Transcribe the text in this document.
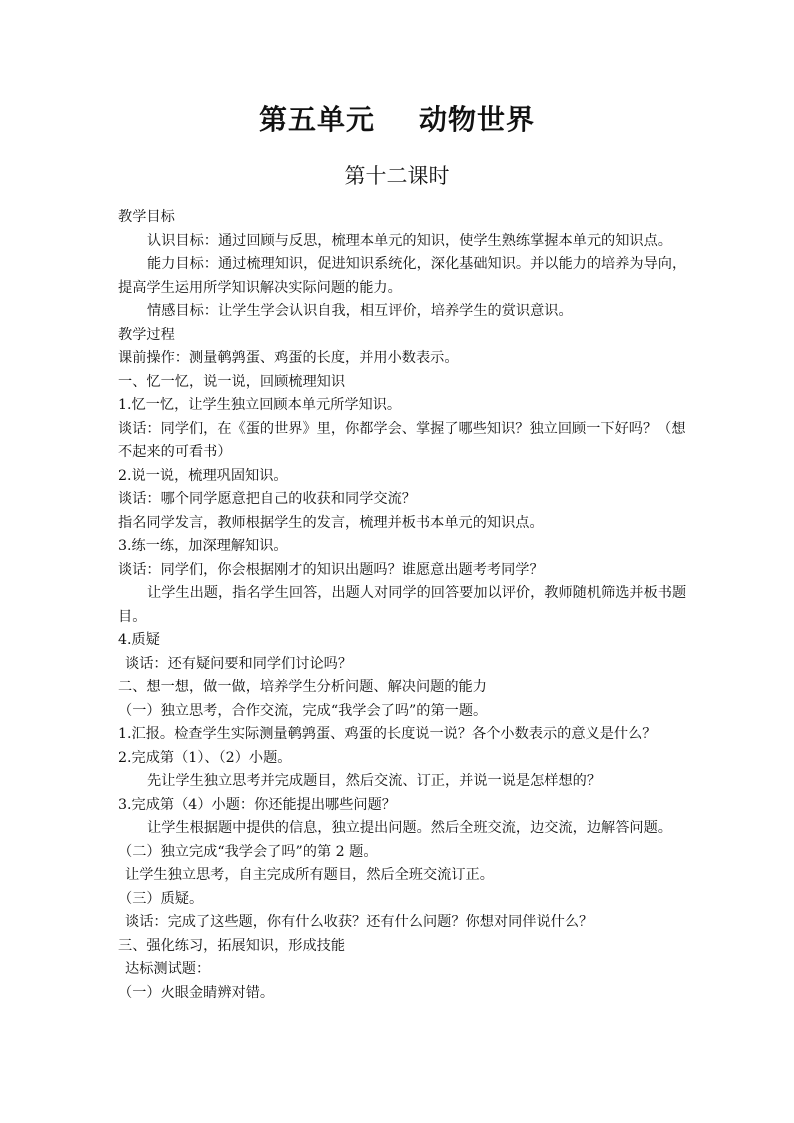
第五单元 动物世界
第十二课时
教学目标
认识目标：通过回顾与反思，梳理本单元的知识，使学生熟练掌握本单元的知识点。
能力目标：通过梳理知识，促进知识系统化，深化基础知识。并以能力的培养为导向，
提高学生运用所学知识解决实际问题的能力。
情感目标：让学生学会认识自我，相互评价，培养学生的赏识意识。
教学过程
课前操作：测量鹌鹑蛋、鸡蛋的长度，并用小数表示。
一、忆一忆，说一说，回顾梳理知识
1.忆一忆，让学生独立回顾本单元所学知识。
谈话：同学们，在《蛋的世界》里，你都学会、掌握了哪些知识？独立回顾一下好吗？（想
不起来的可看书）
2.说一说，梳理巩固知识。
谈话：哪个同学愿意把自己的收获和同学交流？
指名同学发言，教师根据学生的发言，梳理并板书本单元的知识点。
3.练一练，加深理解知识。
谈话：同学们，你会根据刚才的知识出题吗？谁愿意出题考考同学？
让学生出题，指名学生回答，出题人对同学的回答要加以评价，教师随机筛选并板书题
目。
4.质疑
谈话：还有疑问要和同学们讨论吗？
二、想一想，做一做，培养学生分析问题、解决问题的能力
（一）独立思考，合作交流，完成“我学会了吗”的第一题。
1.汇报。检查学生实际测量鹌鹑蛋、鸡蛋的长度说一说？各个小数表示的意义是什么？
2.完成第（1）、（2）小题。
先让学生独立思考并完成题目，然后交流、订正，并说一说是怎样想的？
3.完成第（4）小题：你还能提出哪些问题？
让学生根据题中提供的信息，独立提出问题。然后全班交流，边交流，边解答问题。
（二）独立完成“我学会了吗”的第 2 题。
让学生独立思考，自主完成所有题目，然后全班交流订正。
（三）质疑。
谈话：完成了这些题，你有什么收获？还有什么问题？你想对同伴说什么？
三、强化练习，拓展知识，形成技能
达标测试题：
（一）火眼金睛辨对错。
